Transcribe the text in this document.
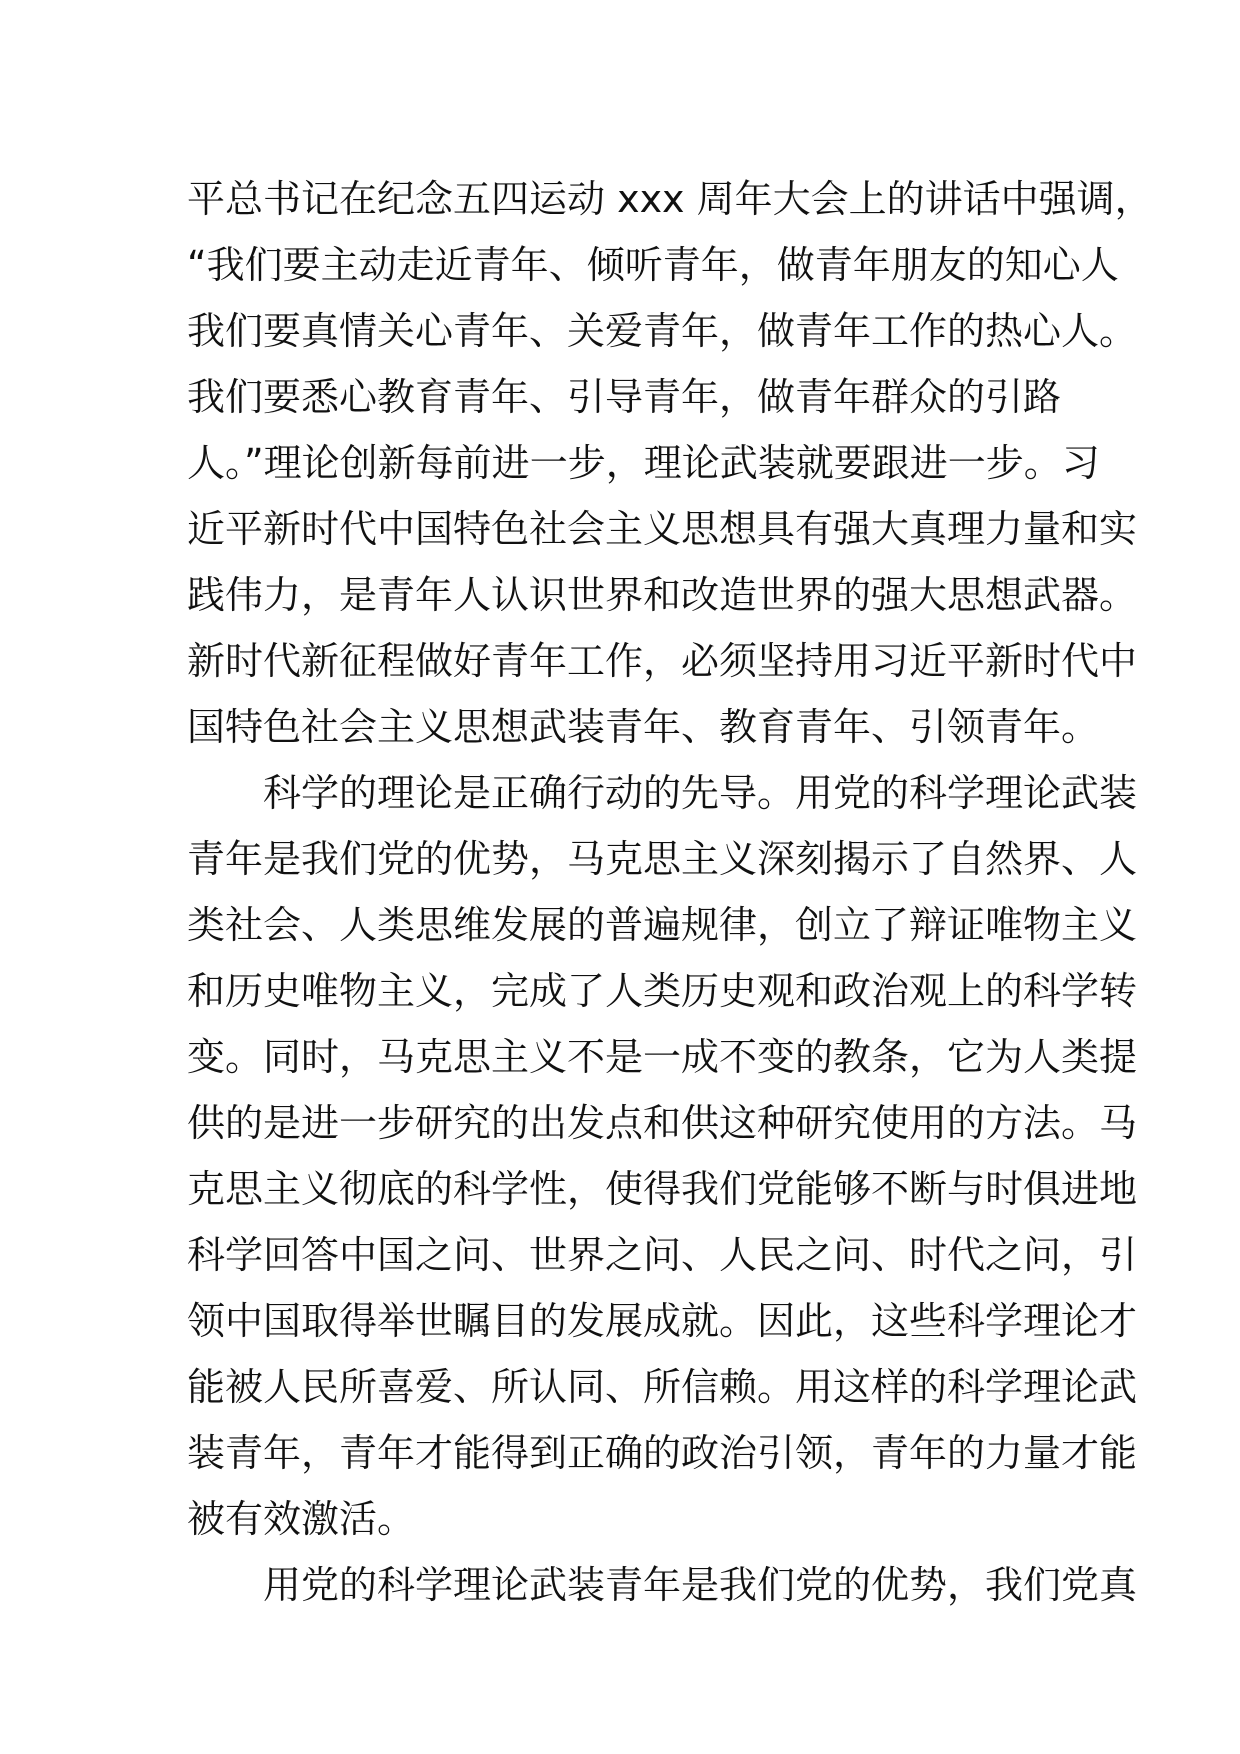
平总书记在纪念五四运动 xxx 周年大会上的讲话中强调，
“我们要主动走近青年、倾听青年，做青年朋友的知心人
我们要真情关心青年、关爱青年，做青年工作的热心人。
我们要悉心教育青年、引导青年，做青年群众的引路
人。”理论创新每前进一步，理论武装就要跟进一步。习
近平新时代中国特色社会主义思想具有强大真理力量和实
践伟力，是青年人认识世界和改造世界的强大思想武器。
新时代新征程做好青年工作，必须坚持用习近平新时代中
国特色社会主义思想武装青年、教育青年、引领青年。
　　科学的理论是正确行动的先导。用党的科学理论武装
青年是我们党的优势，马克思主义深刻揭示了自然界、人
类社会、人类思维发展的普遍规律，创立了辩证唯物主义
和历史唯物主义，完成了人类历史观和政治观上的科学转
变。同时，马克思主义不是一成不变的教条，它为人类提
供的是进一步研究的出发点和供这种研究使用的方法。马
克思主义彻底的科学性，使得我们党能够不断与时俱进地
科学回答中国之问、世界之问、人民之问、时代之问，引
领中国取得举世瞩目的发展成就。因此，这些科学理论才
能被人民所喜爱、所认同、所信赖。用这样的科学理论武
装青年，青年才能得到正确的政治引领，青年的力量才能
被有效激活。
　　用党的科学理论武装青年是我们党的优势，我们党真
